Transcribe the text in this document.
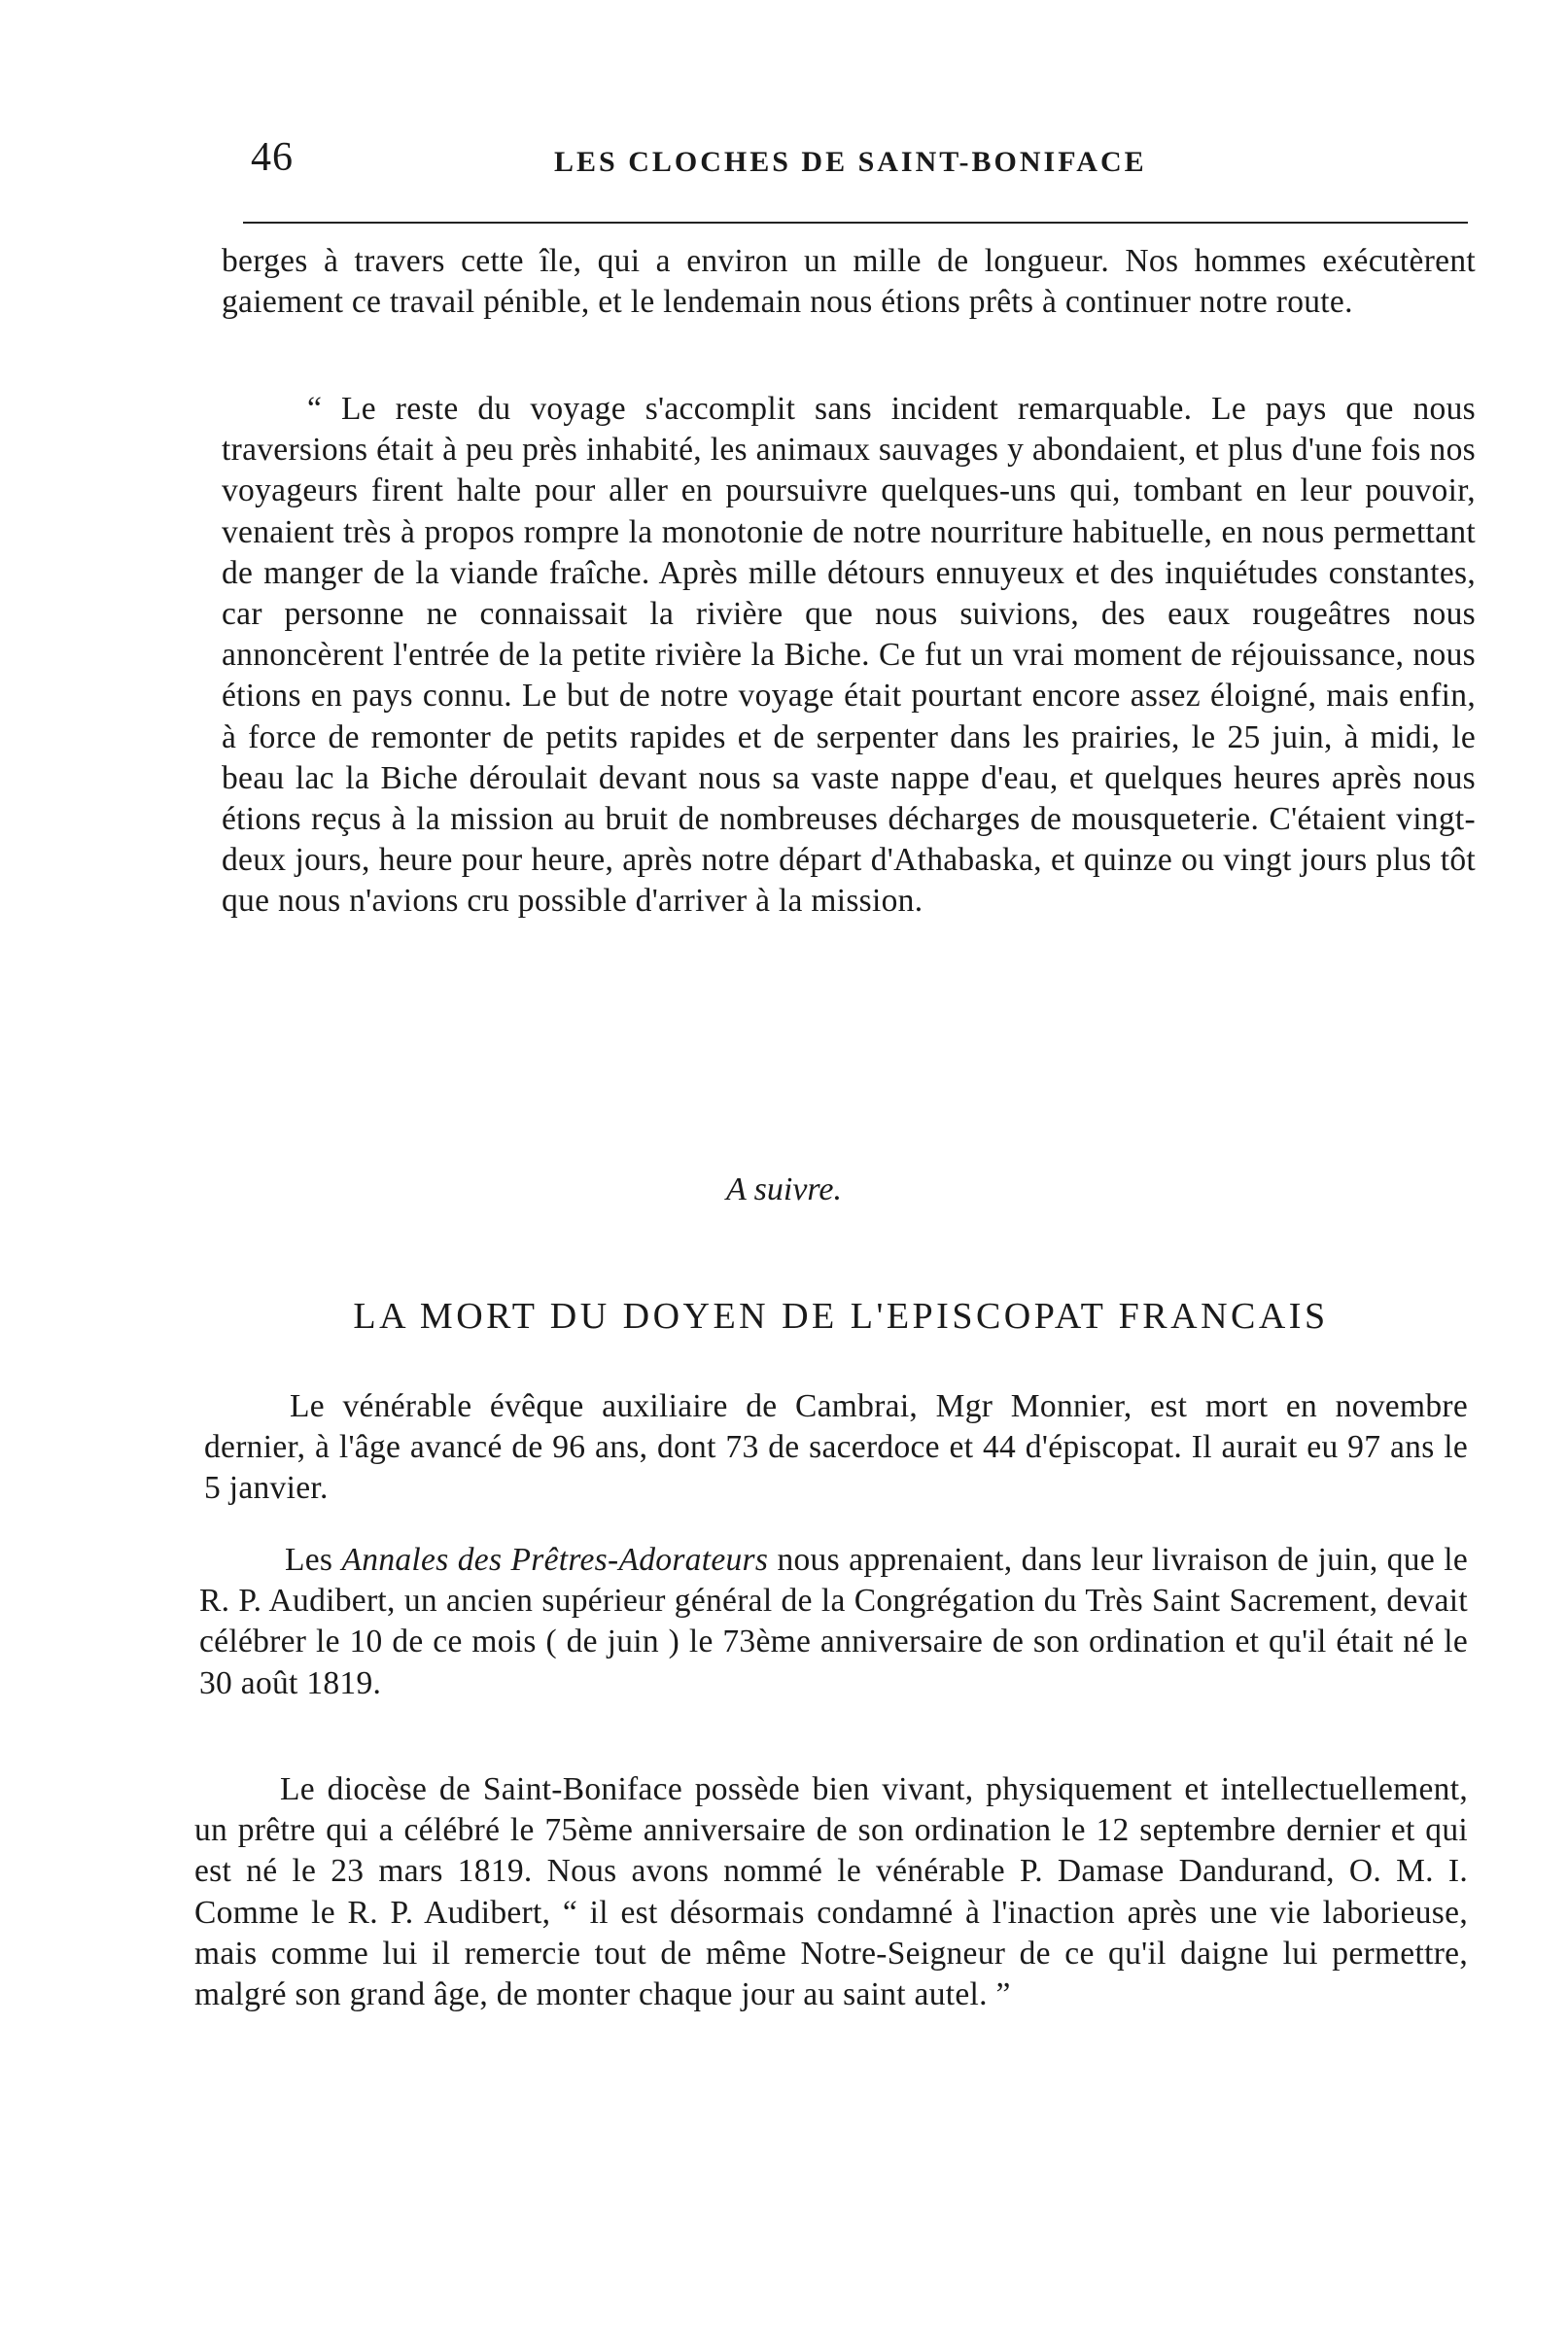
46	LES CLOCHES DE SAINT-BONIFACE

berges à travers cette île, qui a environ un mille de longueur. Nos hommes exécutèrent gaiement ce travail pénible, et le lendemain nous étions prêts à continuer notre route.

“ Le reste du voyage s'accomplit sans incident remarquable. Le pays que nous traversions était à peu près inhabité, les animaux sauvages y abondaient, et plus d'une fois nos voyageurs firent halte pour aller en poursuivre quelques-uns qui, tombant en leur pouvoir, venaient très à propos rompre la monotonie de notre nourriture habituelle, en nous permettant de manger de la viande fraîche. Après mille détours ennuyeux et des inquiétudes constantes, car personne ne connaissait la rivière que nous suivions, des eaux rougeâtres nous annoncèrent l'entrée de la petite rivière la Biche. Ce fut un vrai moment de réjouissance, nous étions en pays connu. Le but de notre voyage était pourtant encore assez éloigné, mais enfin, à force de remonter de petits rapides et de serpenter dans les prairies, le 25 juin, à midi, le beau lac la Biche déroulait devant nous sa vaste nappe d'eau, et quelques heures après nous étions reçus à la mission au bruit de nombreuses décharges de mousqueterie. C'étaient vingt-deux jours, heure pour heure, après notre départ d'Athabaska, et quinze ou vingt jours plus tôt que nous n'avions cru possible d'arriver à la mission.

A suivre.
LA MORT DU DOYEN DE L'EPISCOPAT FRANCAIS

Le vénérable évêque auxiliaire de Cambrai, Mgr Monnier, est mort en novembre dernier, à l'âge avancé de 96 ans, dont 73 de sacerdoce et 44 d'épiscopat. Il aurait eu 97 ans le 5 janvier.

Les Annales des Prêtres-Adorateurs nous apprenaient, dans leur livraison de juin, que le R. P. Audibert, un ancien supérieur général de la Congrégation du Très Saint Sacrement, devait célébrer le 10 de ce mois ( de juin ) le 73ème anniversaire de son ordination et qu'il était né le 30 août 1819.

Le diocèse de Saint-Boniface possède bien vivant, physiquement et intellectuellement, un prêtre qui a célébré le 75ème anniversaire de son ordination le 12 septembre dernier et qui est né le 23 mars 1819. Nous avons nommé le vénérable P. Damase Dandurand, O. M. I. Comme le R. P. Audibert, “ il est désormais condamné à l'inaction après une vie laborieuse, mais comme lui il remercie tout de même Notre-Seigneur de ce qu'il daigne lui permettre, malgré son grand âge, de monter chaque jour au saint autel. ”
